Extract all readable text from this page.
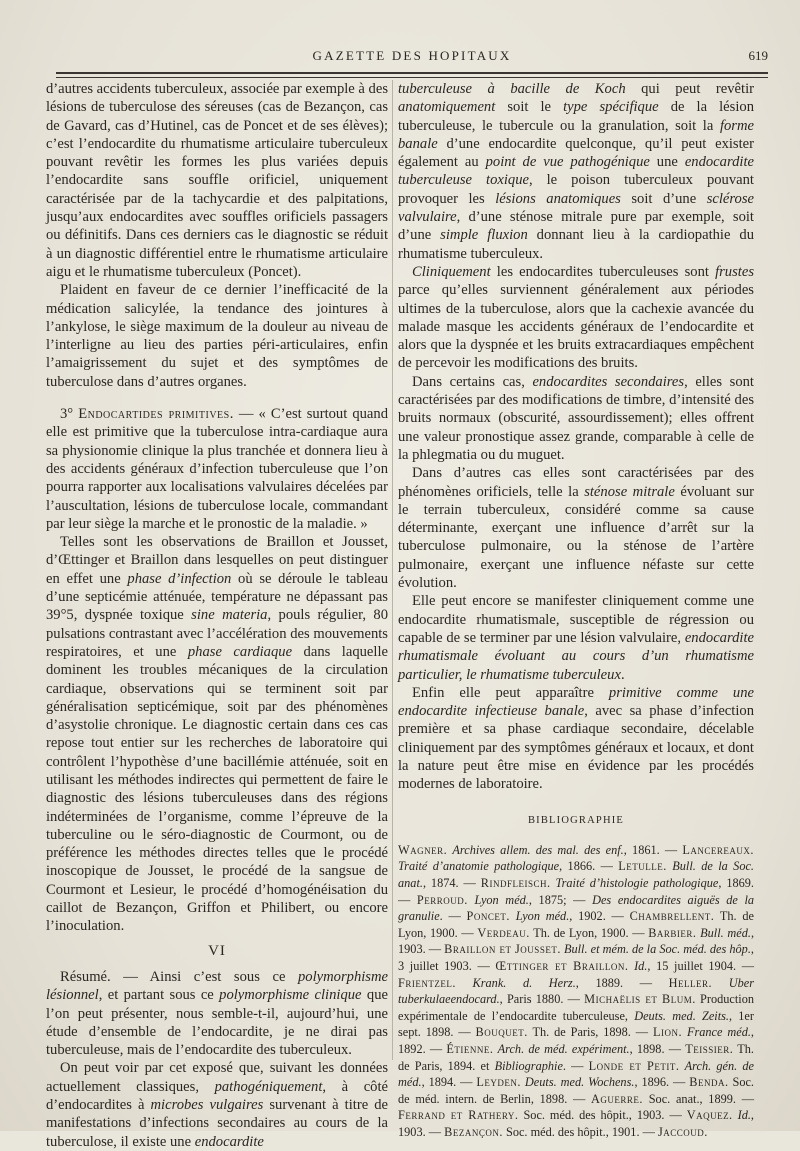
GAZETTE DES HOPITAUX	619

d’autres accidents tuberculeux, associée par exemple à des lésions de tuberculose des séreuses (cas de Bezançon, cas de Gavard, cas d’Hutinel, cas de Poncet et de ses élèves); c’est l’endocardite du rhumatisme articulaire tuberculeux pouvant revêtir les formes les plus variées depuis l’endocardite sans souffle orificiel, uniquement caractérisée par de la tachycardie et des palpitations, jusqu’aux endocardites avec souffles orificiels passagers ou définitifs. Dans ces derniers cas le diagnostic se réduit à un diagnostic différentiel entre le rhumatisme articulaire aigu et le rhumatisme tuberculeux (Poncet).

Plaident en faveur de ce dernier l’inefficacité de la médication salicylée, la tendance des jointures à l’ankylose, le siège maximum de la douleur au niveau de l’interligne au lieu des parties péri-articulaires, enfin l’amaigrissement du sujet et des symptômes de tuberculose dans d’autres organes.

3° Endocartides primitives. — « C’est surtout quand elle est primitive que la tuberculose intra-cardiaque aura sa physionomie clinique la plus tranchée et donnera lieu à des accidents généraux d’infection tuberculeuse que l’on pourra rapporter aux localisations valvulaires décelées par l’auscultation, lésions de tuberculose locale, commandant par leur siège la marche et le pronostic de la maladie. »

Telles sont les observations de Braillon et Jousset, d’Œttinger et Braillon dans lesquelles on peut distinguer en effet une phase d’infection où se déroule le tableau d’une septicémie atténuée, température ne dépassant pas 39°5, dyspnée toxique sine materia, pouls régulier, 80 pulsations contrastant avec l’accélération des mouvements respiratoires, et une phase cardiaque dans laquelle dominent les troubles mécaniques de la circulation cardiaque, observations qui se terminent soit par généralisation septicémique, soit par des phénomènes d’asystolie chronique. Le diagnostic certain dans ces cas repose tout entier sur les recherches de laboratoire qui contrôlent l’hypothèse d’une bacillémie atténuée, soit en utilisant les méthodes indirectes qui permettent de faire le diagnostic des lésions tuberculeuses dans des régions indéterminées de l’organisme, comme l’épreuve de la tuberculine ou le séro-diagnostic de Courmont, ou de préférence les méthodes directes telles que le procédé inoscopique de Jousset, le procédé de la sangsue de Courmont et Lesieur, le procédé d’homogénéisation du caillot de Bezançon, Griffon et Philibert, ou encore l’inoculation.

VI

Résumé. — Ainsi c’est sous ce polymorphisme lésionnel, et partant sous ce polymorphisme clinique que l’on peut présenter, nous semble-t-il, aujourd’hui, une étude d’ensemble de l’endocardite, je ne dirai pas tuberculeuse, mais de l’endocardite des tuberculeux.

On peut voir par cet exposé que, suivant les données actuellement classiques, pathogéniquement, à côté d’endocardites à microbes vulgaires survenant à titre de manifestations d’infections secondaires au cours de la tuberculose, il existe une endocardite

tuberculeuse à bacille de Koch qui peut revêtir anatomiquement soit le type spécifique de la lésion tuberculeuse, le tubercule ou la granulation, soit la forme banale d’une endocardite quelconque, qu’il peut exister également au point de vue pathogénique une endocardite tuberculeuse toxique, le poison tuberculeux pouvant provoquer les lésions anatomiques soit d’une sclérose valvulaire, d’une sténose mitrale pure par exemple, soit d’une simple fluxion donnant lieu à la cardiopathie du rhumatisme tuberculeux.

Cliniquement les endocardites tuberculeuses sont frustes parce qu’elles surviennent généralement aux périodes ultimes de la tuberculose, alors que la cachexie avancée du malade masque les accidents généraux de l’endocardite et alors que la dyspnée et les bruits extracardiaques empêchent de percevoir les modifications des bruits.

Dans certains cas, endocardites secondaires, elles sont caractérisées par des modifications de timbre, d’intensité des bruits normaux (obscurité, assourdissement); elles offrent une valeur pronostique assez grande, comparable à celle de la phlegmatia ou du muguet.

Dans d’autres cas elles sont caractérisées par des phénomènes orificiels, telle la sténose mitrale évoluant sur le terrain tuberculeux, considéré comme sa cause déterminante, exerçant une influence d’arrêt sur la tuberculose pulmonaire, ou la sténose de l’artère pulmonaire, exerçant une influence néfaste sur cette évolution.

Elle peut encore se manifester cliniquement comme une endocardite rhumatismale, susceptible de régression ou capable de se terminer par une lésion valvulaire, endocardite rhumatismale évoluant au cours d’un rhumatisme particulier, le rhumatisme tuberculeux.

Enfin elle peut apparaître primitive comme une endocardite infectieuse banale, avec sa phase d’infection première et sa phase cardiaque secondaire, décelable cliniquement par des symptômes généraux et locaux, et dont la nature peut être mise en évidence par les procédés modernes de laboratoire.

BIBLIOGRAPHIE

Wagner. Archives allem. des mal. des enf., 1861. — Lancereaux. Traité d’anatomie pathologique, 1866. — Letulle. Bull. de la Soc. anat., 1874. — Rindfleisch. Traité d’histologie pathologique, 1869. — Perroud. Lyon méd., 1875; — Des endocardites aiguës de la granulie. — Poncet. Lyon méd., 1902. — Chambrellent. Th. de Lyon, 1900. — Verdeau. Th. de Lyon, 1900. — Barbier. Bull. méd., 1903. — Braillon et Jousset. Bull. et mém. de la Soc. méd. des hôp., 3 juillet 1903. — Œttinger et Braillon. Id., 15 juillet 1904. — Frientzel. Krank. d. Herz., 1889. — Heller. Uber tuberkulaeendocard., Paris 1880. — Michaëlis et Blum. Production expérimentale de l’endocardite tuberculeuse, Deuts. med. Zeits., 1er sept. 1898. — Bouquet. Th. de Paris, 1898. — Lion. France méd., 1892. — Étienne. Arch. de méd. expériment., 1898. — Teissier. Th. de Paris, 1894. et Bibliographie. — Londe et Petit. Arch. gén. de méd., 1894. — Leyden. Deuts. med. Wochens., 1896. — Benda. Soc. de méd. intern. de Berlin, 1898. — Aguerre. Soc. anat., 1899. — Ferrand et Rathery. Soc. méd. des hôpit., 1903. — Vaquez. Id., 1903. — Bezançon. Soc. méd. des hôpit., 1901. — Jaccoud.
